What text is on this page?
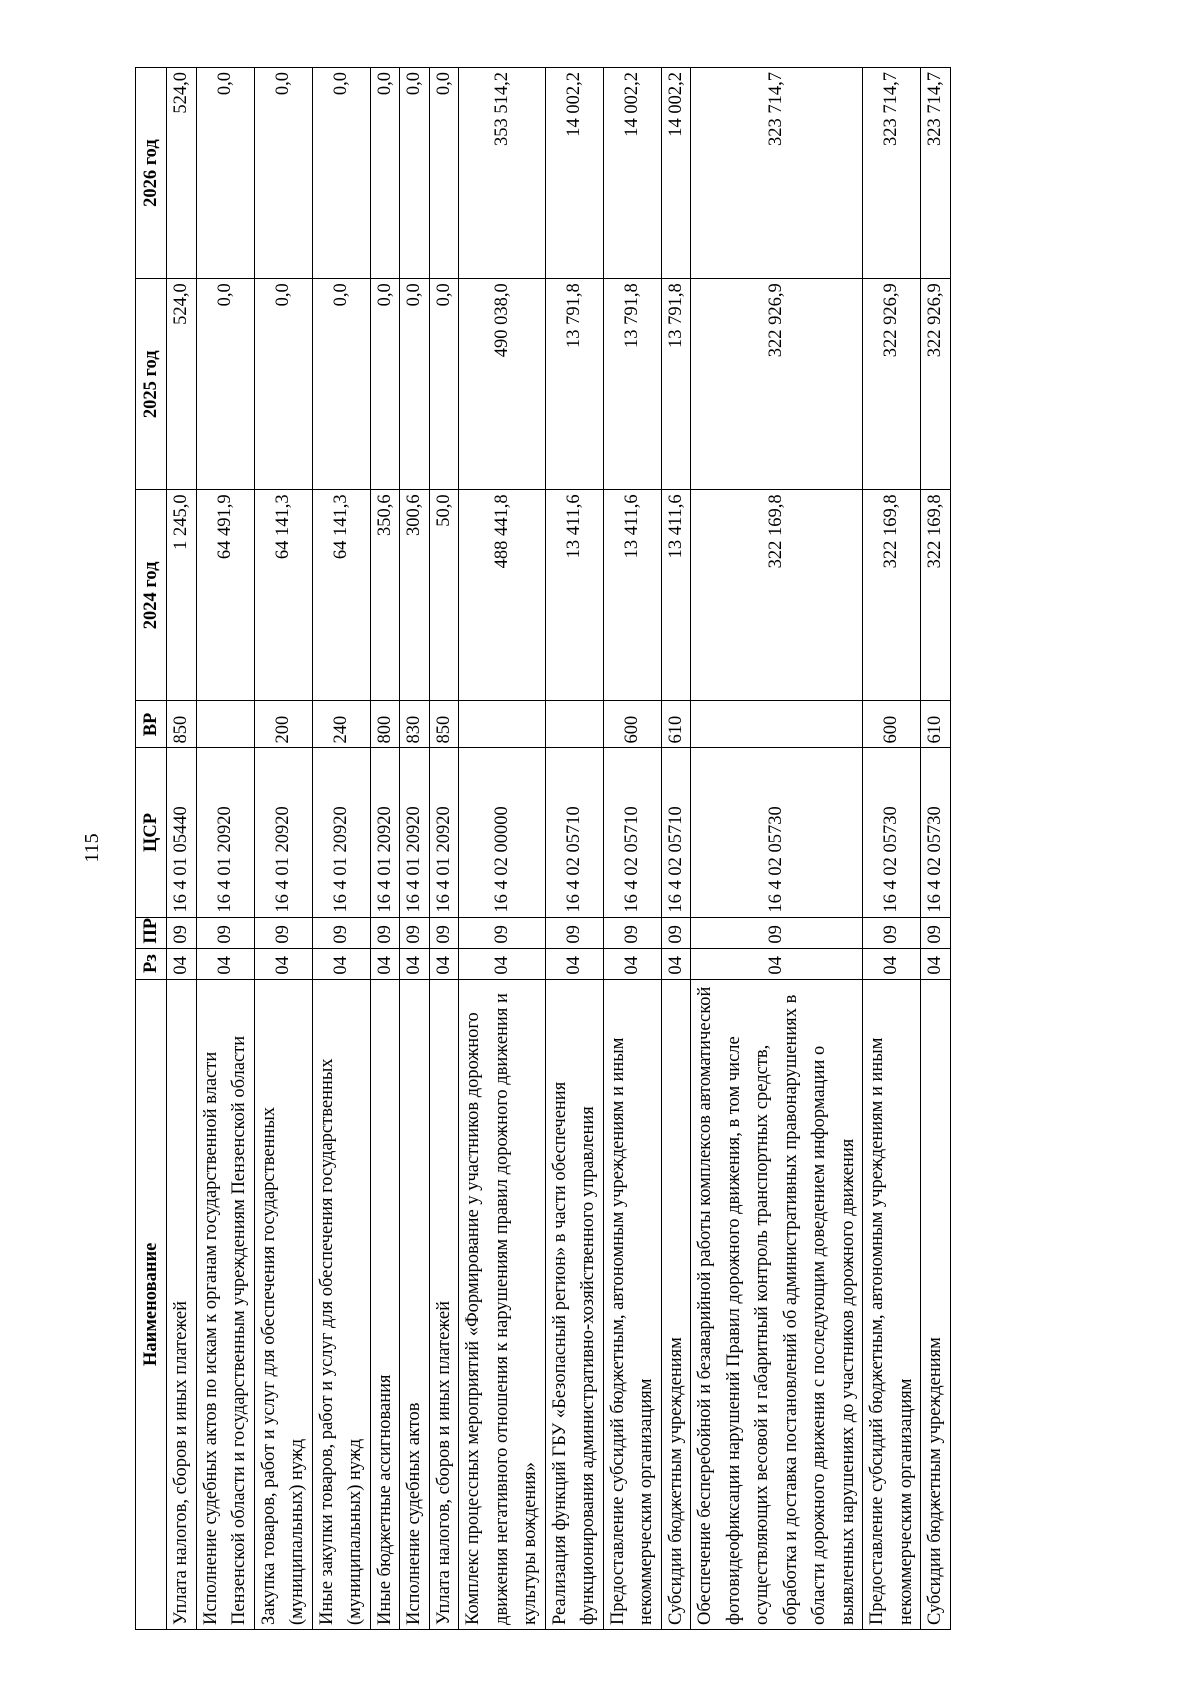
115
Наименование	Рз	ПР	ЦСР	ВР	2024 год	2025 год	2026 год
Уплата налогов, сборов и иных платежей	04	09	16 4 01 05440	850	1 245,0	524,0	524,0
Исполнение судебных актов по искам к органам государственной власти Пензенской области и государственным учреждениям Пензенской области	04	09	16 4 01 20920		64 491,9	0,0	0,0
Закупка товаров, работ и услуг для обеспечения государственных (муниципальных) нужд	04	09	16 4 01 20920	200	64 141,3	0,0	0,0
Иные закупки товаров, работ и услуг для обеспечения государственных (муниципальных) нужд	04	09	16 4 01 20920	240	64 141,3	0,0	0,0
Иные бюджетные ассигнования	04	09	16 4 01 20920	800	350,6	0,0	0,0
Исполнение судебных актов	04	09	16 4 01 20920	830	300,6	0,0	0,0
Уплата налогов, сборов и иных платежей	04	09	16 4 01 20920	850	50,0	0,0	0,0
Комплекс процессных мероприятий «Формирование у участников дорожного движения негативного отношения к нарушениям правил дорожного движения и культуры вождения»	04	09	16 4 02 00000		488 441,8	490 038,0	353 514,2
Реализация функций ГБУ «Безопасный регион» в части обеспечения функционирования административно-хозяйственного управления	04	09	16 4 02 05710		13 411,6	13 791,8	14 002,2
Предоставление субсидий бюджетным, автономным учреждениям и иным некоммерческим организациям	04	09	16 4 02 05710	600	13 411,6	13 791,8	14 002,2
Субсидии бюджетным учреждениям	04	09	16 4 02 05710	610	13 411,6	13 791,8	14 002,2
Обеспечение бесперебойной и безаварийной работы комплексов автоматической фотовидеофиксации нарушений Правил дорожного движения, в том числе осуществляющих весовой и габаритный контроль транспортных средств, обработка и доставка постановлений об административных правонарушениях в области дорожного движения с последующим доведением информации о выявленных нарушениях до участников дорожного движения	04	09	16 4 02 05730		322 169,8	322 926,9	323 714,7
Предоставление субсидий бюджетным, автономным учреждениям и иным некоммерческим организациям	04	09	16 4 02 05730	600	322 169,8	322 926,9	323 714,7
Субсидии бюджетным учреждениям	04	09	16 4 02 05730	610	322 169,8	322 926,9	323 714,7
